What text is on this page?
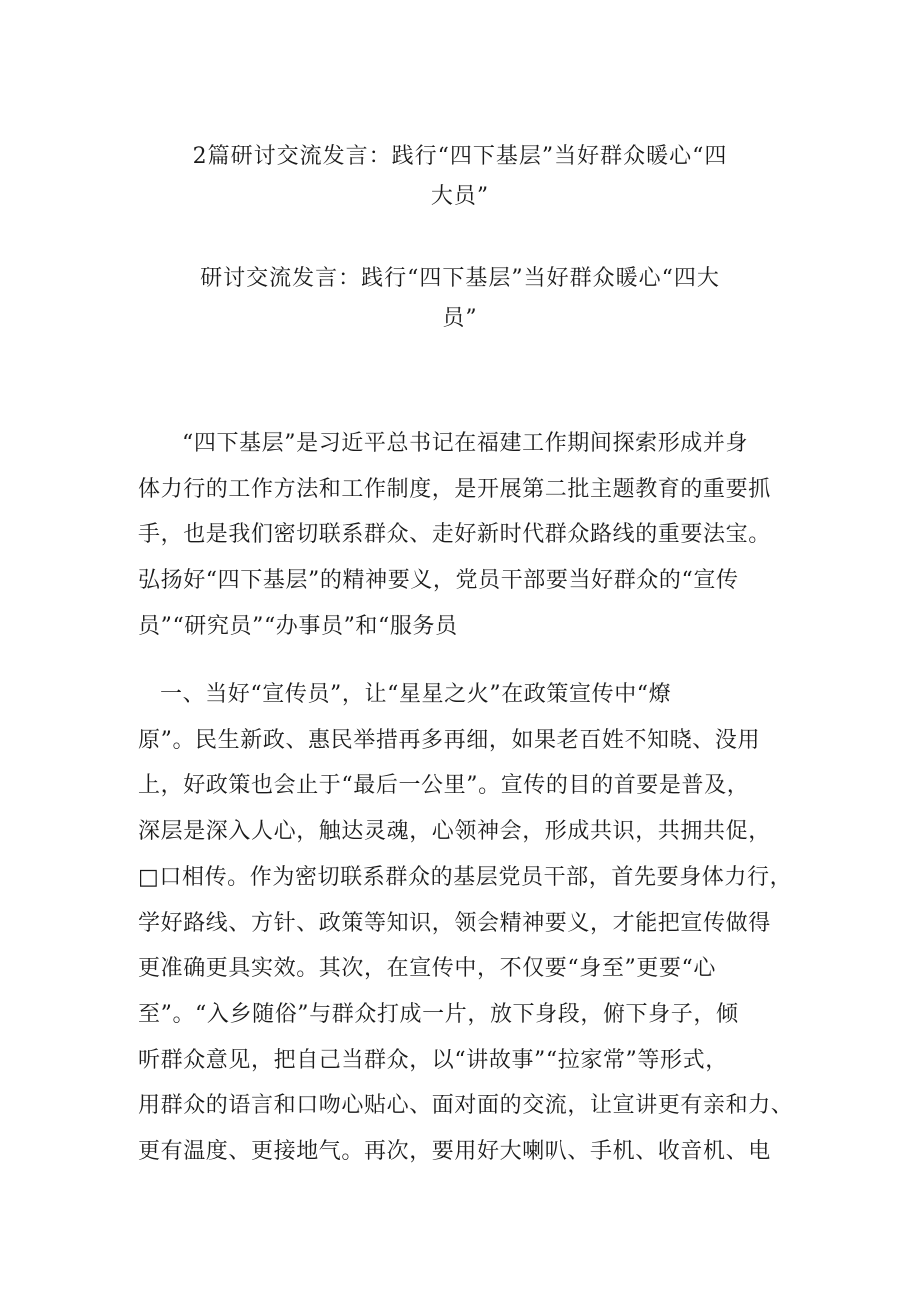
2篇研讨交流发言：践行“四下基层”当好群众暖心“四
大员”
研讨交流发言：践行“四下基层”当好群众暖心“四大
员”
“四下基层”是习近平总书记在福建工作期间探索形成并身
体力行的工作方法和工作制度，是开展第二批主题教育的重要抓
手，也是我们密切联系群众、走好新时代群众路线的重要法宝。
弘扬好“四下基层”的精神要义，党员干部要当好群众的“宣传
员”“研究员”“办事员”和“服务员
一、当好“宣传员”，让“星星之火”在政策宣传中“燎
原”。民生新政、惠民举措再多再细，如果老百姓不知晓、没用
上，好政策也会止于“最后一公里”。宣传的目的首要是普及，
深层是深入人心，触达灵魂，心领神会，形成共识，共拥共促，
□口相传。作为密切联系群众的基层党员干部，首先要身体力行，
学好路线、方针、政策等知识，领会精神要义，才能把宣传做得
更准确更具实效。其次，在宣传中，不仅要“身至”更要“心
至”。“入乡随俗”与群众打成一片，放下身段，俯下身子，倾
听群众意见，把自己当群众，以“讲故事”“拉家常”等形式，
用群众的语言和口吻心贴心、面对面的交流，让宣讲更有亲和力、
更有温度、更接地气。再次，要用好大喇叭、手机、收音机、电
